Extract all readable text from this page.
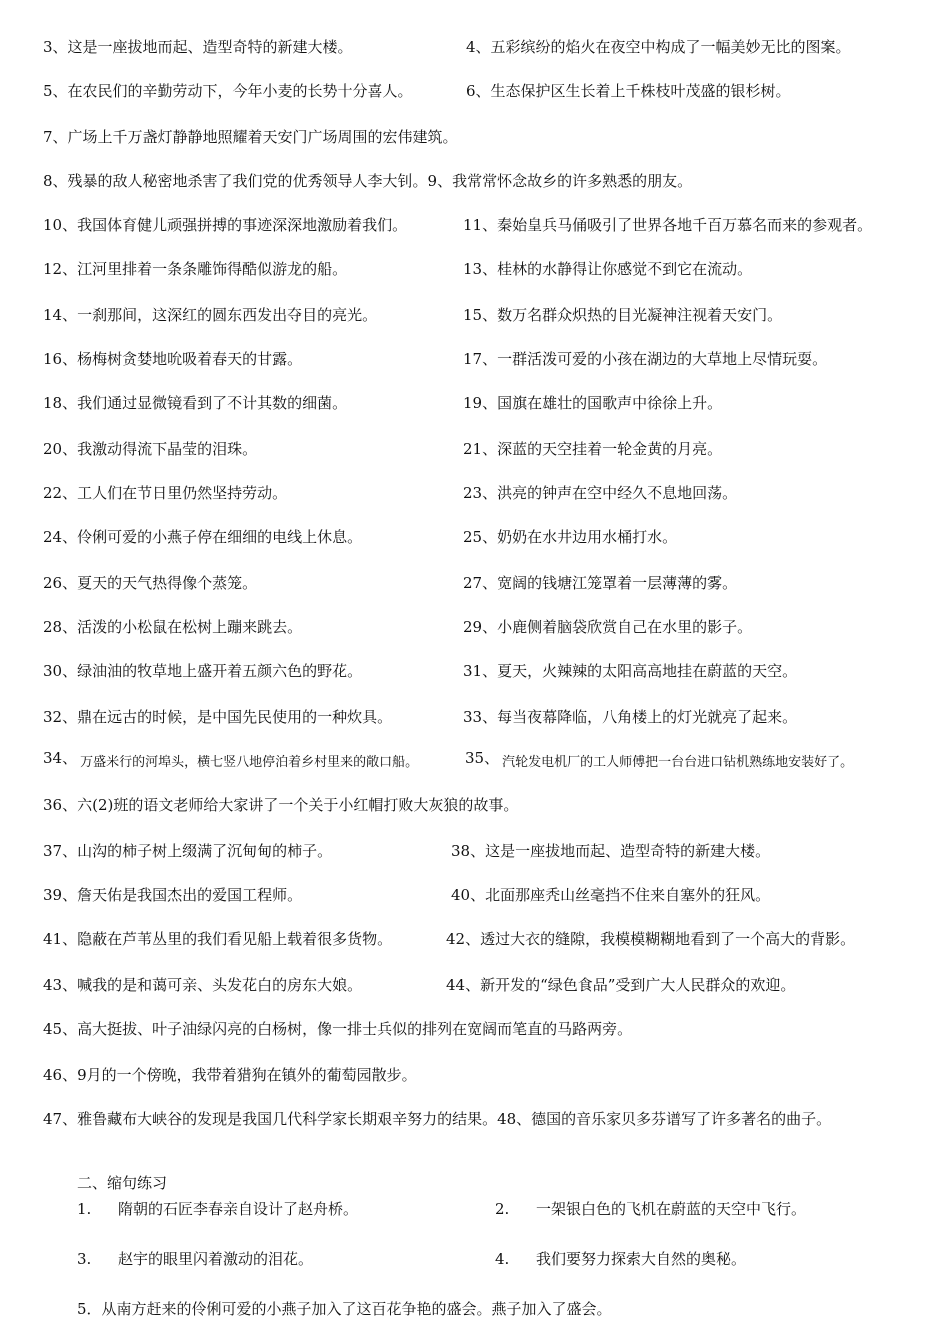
3、这是一座拔地而起、造型奇特的新建大楼。	4、五彩缤纷的焰火在夜空中构成了一幅美妙无比的图案。
5、在农民们的辛勤劳动下，今年小麦的长势十分喜人。	6、生态保护区生长着上千株枝叶茂盛的银杉树。
7、广场上千万盏灯静静地照耀着天安门广场周围的宏伟建筑。
8、残暴的敌人秘密地杀害了我们党的优秀领导人李大钊。9、我常常怀念故乡的许多熟悉的朋友。
10、我国体育健儿顽强拼搏的事迹深深地激励着我们。	11、秦始皇兵马俑吸引了世界各地千百万慕名而来的参观者。
12、江河里排着一条条雕饰得酷似游龙的船。	13、桂林的水静得让你感觉不到它在流动。
14、一刹那间，这深红的圆东西发出夺目的亮光。	15、数万名群众炽热的目光凝神注视着天安门。
16、杨梅树贪婪地吮吸着春天的甘露。	17、一群活泼可爱的小孩在湖边的大草地上尽情玩耍。
18、我们通过显微镜看到了不计其数的细菌。	19、国旗在雄壮的国歌声中徐徐上升。
20、我激动得流下晶莹的泪珠。	21、深蓝的天空挂着一轮金黄的月亮。
22、工人们在节日里仍然坚持劳动。	23、洪亮的钟声在空中经久不息地回荡。
24、伶俐可爱的小燕子停在细细的电线上休息。	25、奶奶在水井边用水桶打水。
26、夏天的天气热得像个蒸笼。	27、宽阔的钱塘江笼罩着一层薄薄的雾。
28、活泼的小松鼠在松树上蹦来跳去。	29、小鹿侧着脑袋欣赏自己在水里的影子。
30、绿油油的牧草地上盛开着五颜六色的野花。	31、夏天，火辣辣的太阳高高地挂在蔚蓝的天空。
32、鼎在远古的时候，是中国先民使用的一种炊具。	33、每当夜幕降临，八角楼上的灯光就亮了起来。
34、 万盛米行的河埠头，横七竖八地停泊着乡村里来的敞口船。	35、 汽轮发电机厂的工人师傅把一台台进口钻机熟练地安装好了。
36、六(2)班的语文老师给大家讲了一个关于小红帽打败大灰狼的故事。
37、山沟的柿子树上缀满了沉甸甸的柿子。	38、这是一座拔地而起、造型奇特的新建大楼。
39、詹天佑是我国杰出的爱国工程师。	40、北面那座秃山丝毫挡不住来自塞外的狂风。
41、隐蔽在芦苇丛里的我们看见船上载着很多货物。	42、透过大衣的缝隙，我模模糊糊地看到了一个高大的背影。
43、喊我的是和蔼可亲、头发花白的房东大娘。	44、新开发的“绿色食品”受到广大人民群众的欢迎。
45、高大挺拔、叶子油绿闪亮的白杨树，像一排士兵似的排列在宽阔而笔直的马路两旁。
46、9月的一个傍晚，我带着猎狗在镇外的葡萄园散步。
47、雅鲁藏布大峡谷的发现是我国几代科学家长期艰辛努力的结果。48、德国的音乐家贝多芬谱写了许多著名的曲子。
二、缩句练习
1. 隋朝的石匠李春亲自设计了赵舟桥。	2. 一架银白色的飞机在蔚蓝的天空中飞行。
3. 赵宇的眼里闪着激动的泪花。	4. 我们要努力探索大自然的奥秘。
5．从南方赶来的伶俐可爱的小燕子加入了这百花争艳的盛会。燕子加入了盛会。
